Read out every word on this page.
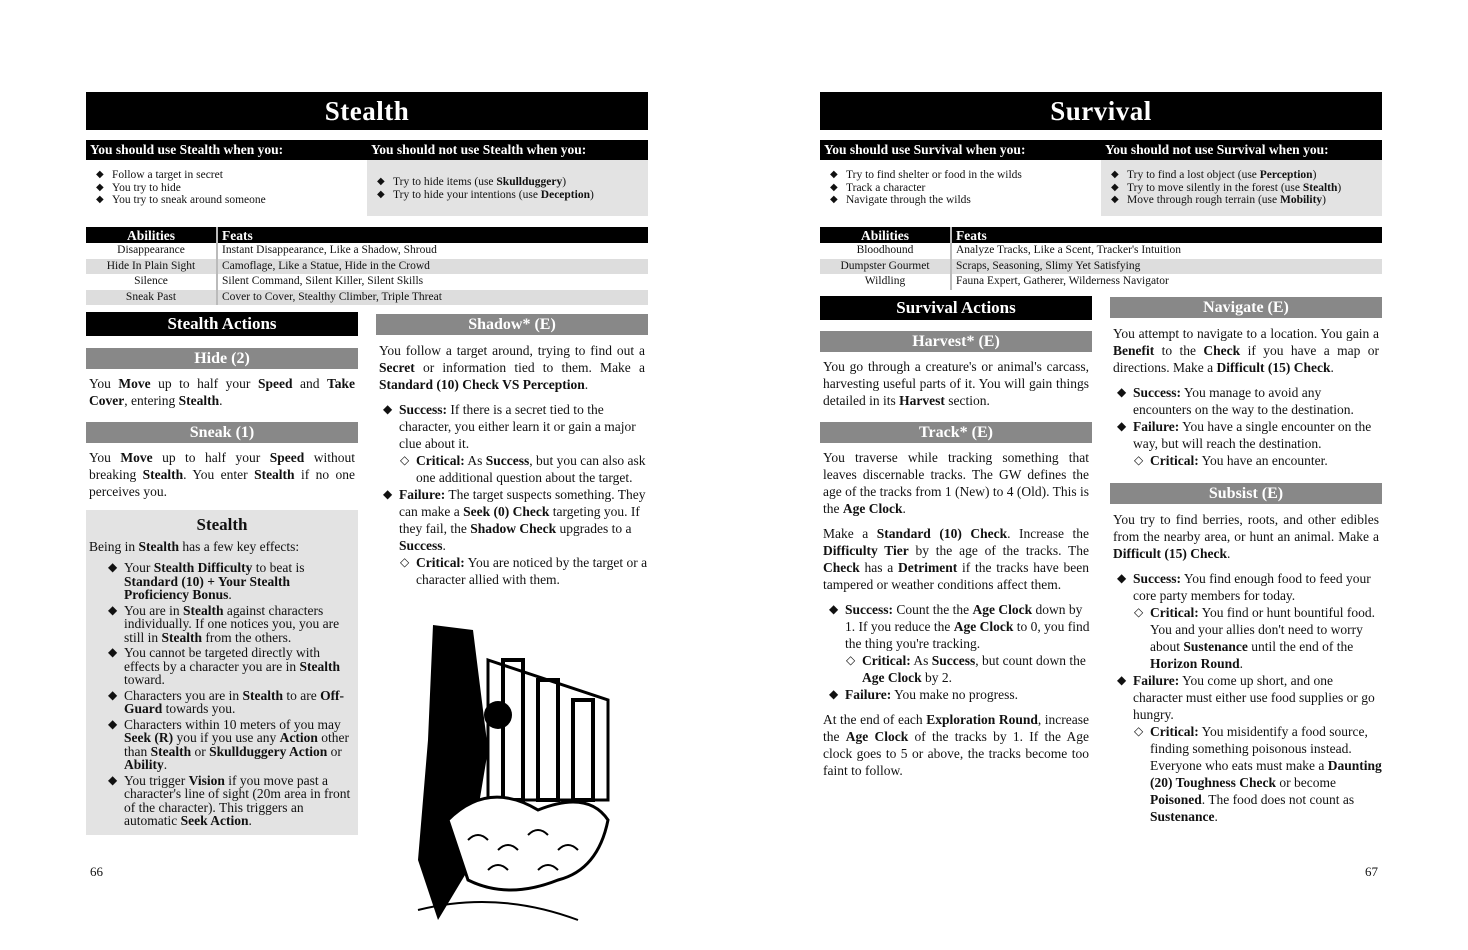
Stealth
You should use Stealth when you:	You should not use Stealth when you:
◆ Follow a target in secret
◆ You try to hide
◆ You try to sneak around someone
◆ Try to hide items (use Skullduggery)
◆ Try to hide your intentions (use Deception)
Abilities	Feats
Disappearance	Instant Disappearance, Like a Shadow, Shroud
Hide In Plain Sight	Camoflage, Like a Statue, Hide in the Crowd
Silence	Silent Command, Silent Killer, Silent Skills
Sneak Past	Cover to Cover, Stealthy Climber, Triple Threat
Stealth Actions
Hide (2)

You Move up to half your Speed and Take Cover, entering Stealth.

Sneak (1)

You Move up to half your Speed without breaking Stealth. You enter Stealth if no one perceives you.

Stealth

Being in Stealth has a few key effects:

◆ Your Stealth Difficulty to beat is Standard (10) + Your Stealth Proficiency Bonus.
◆ You are in Stealth against characters individually. If one notices you, you are still in Stealth from the others.
◆ You cannot be targeted directly with effects by a character you are in Stealth toward.
◆ Characters you are in Stealth to are Off-Guard towards you.
◆ Characters within 10 meters of you may Seek (R) you if you use any Action other than Stealth or Skullduggery Action or Ability.
◆ You trigger Vision if you move past a character's line of sight (20m area in front of the character). This triggers an automatic Seek Action.
Shadow* (E)

You follow a target around, trying to find out a Secret or information tied to them. Make a Standard (10) Check VS Perception.

◆ Success: If there is a secret tied to the character, you either learn it or gain a major clue about it.
◇ Critical: As Success, but you can also ask one additional question about the target.
◆ Failure: The target suspects something. They can make a Seek (0) Check targeting you. If they fail, the Shadow Check upgrades to a Success.
◇ Critical: You are noticed by the target or a character allied with them.
66
Survival
You should use Survival when you:	You should not use Survival when you:
◆ Try to find shelter or food in the wilds
◆ Track a character
◆ Navigate through the wilds
◆ Try to find a lost object (use Perception)
◆ Try to move silently in the forest (use Stealth)
◆ Move through rough terrain (use Mobility)
Abilities	Feats
Bloodhound	Analyze Tracks, Like a Scent, Tracker's Intuition
Dumpster Gourmet	Scraps, Seasoning, Slimy Yet Satisfying
Wildling	Fauna Expert, Gatherer, Wilderness Navigator
Survival Actions
Harvest* (E)

You go through a creature's or animal's carcass, harvesting useful parts of it. You will gain things detailed in its Harvest section.

Track* (E)

You traverse while tracking something that leaves discernable tracks. The GW defines the age of the tracks from 1 (New) to 4 (Old). This is the Age Clock.

Make a Standard (10) Check. Increase the Difficulty Tier by the age of the tracks. The Check has a Detriment if the tracks have been tampered or weather conditions affect them.

◆ Success: Count the the Age Clock down by 1. If you reduce the Age Clock to 0, you find the thing you're tracking.
◇ Critical: As Success, but count down the Age Clock by 2.
◆ Failure: You make no progress.

At the end of each Exploration Round, increase the Age Clock of the tracks by 1. If the Age clock goes to 5 or above, the tracks become too faint to follow.

Navigate (E)

You attempt to navigate to a location. You gain a Benefit to the Check if you have a map or directions. Make a Difficult (15) Check.

◆ Success: You manage to avoid any encounters on the way to the destination.
◆ Failure: You have a single encounter on the way, but will reach the destination.
◇ Critical: You have an encounter.
Subsist (E)

You try to find berries, roots, and other edibles from the nearby area, or hunt an animal. Make a Difficult (15) Check.

◆ Success: You find enough food to feed your core party members for today.
◇ Critical: You find or hunt bountiful food. You and your allies don't need to worry about Sustenance until the end of the Horizon Round.
◆ Failure: You come up short, and one character must either use food supplies or go hungry.
◇ Critical: You misidentify a food source, finding something poisonous instead. Everyone who eats must make a Daunting (20) Toughness Check or become Poisoned. The food does not count as Sustenance.
67
